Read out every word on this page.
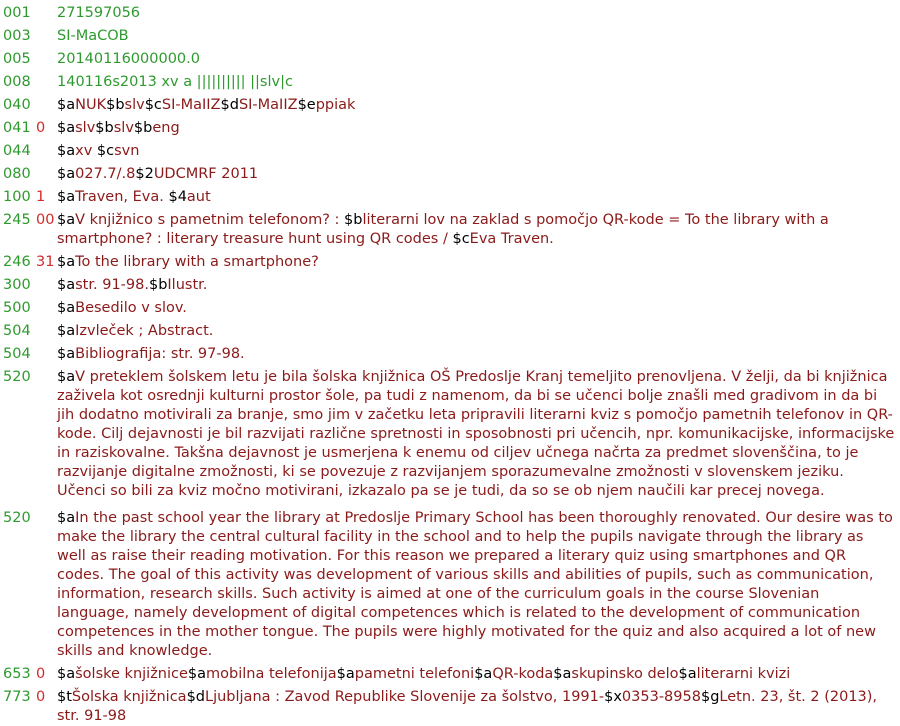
001	271597056
003	SI-MaCOB
005	20140116000000.0
008	140116s2013 xv a |||||||||| ||slv|c
040	$aNUK$bslv$cSI-MaIIZ$dSI-MaIIZ$eppiak
041 0 $aslv$bslv$beng
044	$axv $csvn
080	$a027.7/.8$2UDCMRF 2011
100 1 $aTraven, Eva. $4aut
245 00 $aV knjižnico s pametnim telefonom? : $bliterarni lov na zaklad s pomočjo QR-kode = To the library with a smartphone? : literary treasure hunt using QR codes / $cEva Traven.
246 31 $aTo the library with a smartphone?
300	$astr. 91-98.$bIlustr.
500	$aBesedilo v slov.
504	$aIzvleček ; Abstract.
504	$aBibliografija: str. 97-98.
520	$aV preteklem šolskem letu je bila šolska knjižnica OŠ Predoslje Kranj temeljito prenovljena. V želji, da bi knjižnica zaživela kot osrednji kulturni prostor šole, pa tudi z namenom, da bi se učenci bolje znašli med gradivom in da bi jih dodatno motivirali za branje, smo jim v začetku leta pripravili literarni kviz s pomočjo pametnih telefonov in QR-kode. Cilj dejavnosti je bil razvijati različne spretnosti in sposobnosti pri učencih, npr. komunikacijske, informacijske in raziskovalne. Takšna dejavnost je usmerjena k enemu od ciljev učnega načrta za predmet slovenščina, to je razvijanje digitalne zmožnosti, ki se povezuje z razvijanjem sporazumevalne zmožnosti v slovenskem jeziku. Učenci so bili za kviz močno motivirani, izkazalo pa se je tudi, da so se ob njem naučili kar precej novega.
520	$aIn the past school year the library at Predoslje Primary School has been thoroughly renovated. Our desire was to make the library the central cultural facility in the school and to help the pupils navigate through the library as well as raise their reading motivation. For this reason we prepared a literary quiz using smartphones and QR codes. The goal of this activity was development of various skills and abilities of pupils, such as communication, information, research skills. Such activity is aimed at one of the curriculum goals in the course Slovenian language, namely development of digital competences which is related to the development of communication competences in the mother tongue. The pupils were highly motivated for the quiz and also acquired a lot of new skills and knowledge.
653 0 $ašolske knjižnice$amobilna telefonija$apametni telefoni$aQR-koda$askupinsko delo$aliterarni kvizi
773 0 $tŠolska knjižnica$dLjubljana : Zavod Republike Slovenije za šolstvo, 1991-$x0353-8958$gLetn. 23, št. 2 (2013), str. 91-98
